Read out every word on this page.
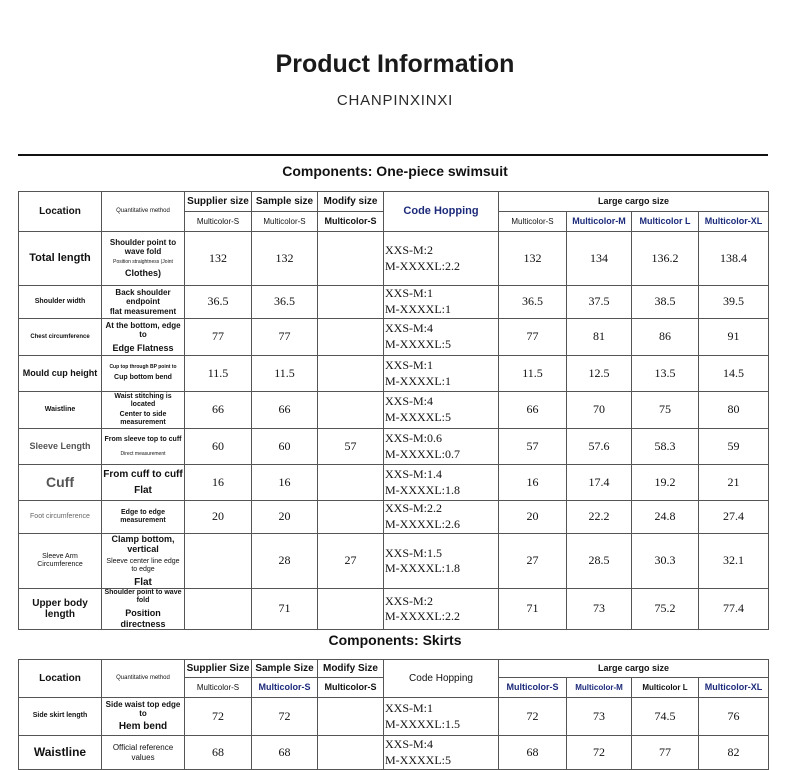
Product Information
CHANPINXINXI
Components: One-piece swimsuit
Location	Quantitative method	Supplier size	Sample size	Modify size	Code Hopping	Large cargo size			
		Multicolor-S	Multicolor-S	Multicolor-S		Multicolor-S	Multicolor-M	Multicolor L	Multicolor-XL
Total length	Shoulder point to wave fold
Position straightness (Joint
Clothes)	132	132		XXS-M:2
M-XXXXL:2.2	132	134	136.2	138.4
Shoulder width	Back shoulder endpoint
flat measurement	36.5	36.5		XXS-M:1
M-XXXXL:1	36.5	37.5	38.5	39.5
Chest circumference	At the bottom, edge to
Edge Flatness	77	77		XXS-M:4
M-XXXXL:5	77	81	86	91
Mould cup height	Cup top through BP point to
Cup bottom bend	11.5	11.5		XXS-M:1
M-XXXXL:1	11.5	12.5	13.5	14.5
Waistline	Waist stitching is located
Center to side measurement	66	66		XXS-M:4
M-XXXXL:5	66	70	75	80
Sleeve Length	From sleeve top to cuff
Direct measurement	60	60	57	XXS-M:0.6
M-XXXXL:0.7	57	57.6	58.3	59
Cuff	From cuff to cuff
Flat	16	16		XXS-M:1.4
M-XXXXL:1.8	16	17.4	19.2	21
Foot circumference	Edge to edge
measurement	20	20		XXS-M:2.2
M-XXXXL:2.6	20	22.2	24.8	27.4
Sleeve Arm Circumference	Clamp bottom, vertical
Sleeve center line edge to edge
Flat		28	27	XXS-M:1.5
M-XXXXL:1.8	27	28.5	30.3	32.1
Upper body length	Shoulder point to wave fold
Position directness		71		XXS-M:2
M-XXXXL:2.2	71	73	75.2	77.4
Components: Skirts
Location	Quantitative method	Supplier Size	Sample Size	Modify Size	Code Hopping	Large cargo size			
		Multicolor-S	Multicolor-S	Multicolor-S		Multicolor-S	Multicolor-M	Multicolor L	Multicolor-XL
Side skirt length	Side waist top edge to
Hem bend	72	72		XXS-M:1
M-XXXXL:1.5	72	73	74.5	76
Waistline	Official reference
values	68	68		XXS-M:4
M-XXXXL:5	68	72	77	82
